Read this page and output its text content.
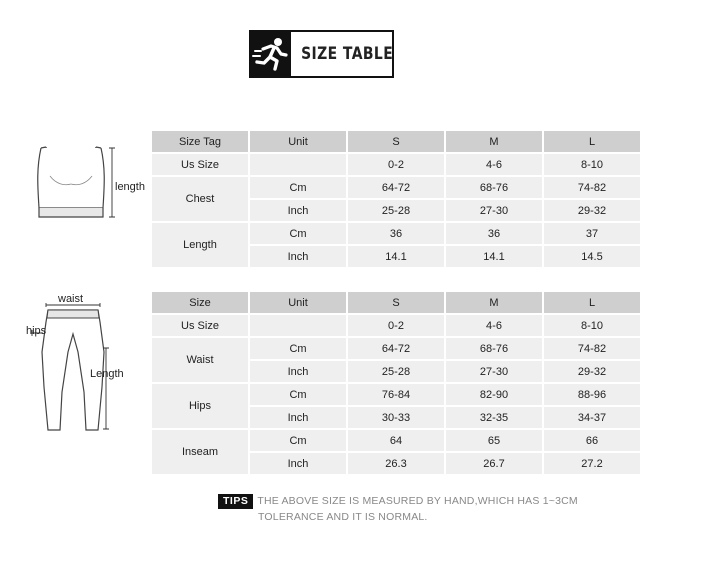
SIZE TABLE
length
waist
hips
Length
Size Tag	Unit	S	M	L
Us Size		0-2	4-6	8-10
Chest	Cm	64-72	68-76	74-82
	Inch	25-28	27-30	29-32
Length	Cm	36	36	37
	Inch	14.1	14.1	14.5
Size	Unit	S	M	L
Us Size		0-2	4-6	8-10
Waist	Cm	64-72	68-76	74-82
	Inch	25-28	27-30	29-32
Hips	Cm	76-84	82-90	88-96
	Inch	30-33	32-35	34-37
Inseam	Cm	64	65	66
	Inch	26.3	26.7	27.2
TIPS THE ABOVE SIZE IS MEASURED BY HAND,WHICH HAS 1~3CM
TOLERANCE AND IT IS NORMAL.
